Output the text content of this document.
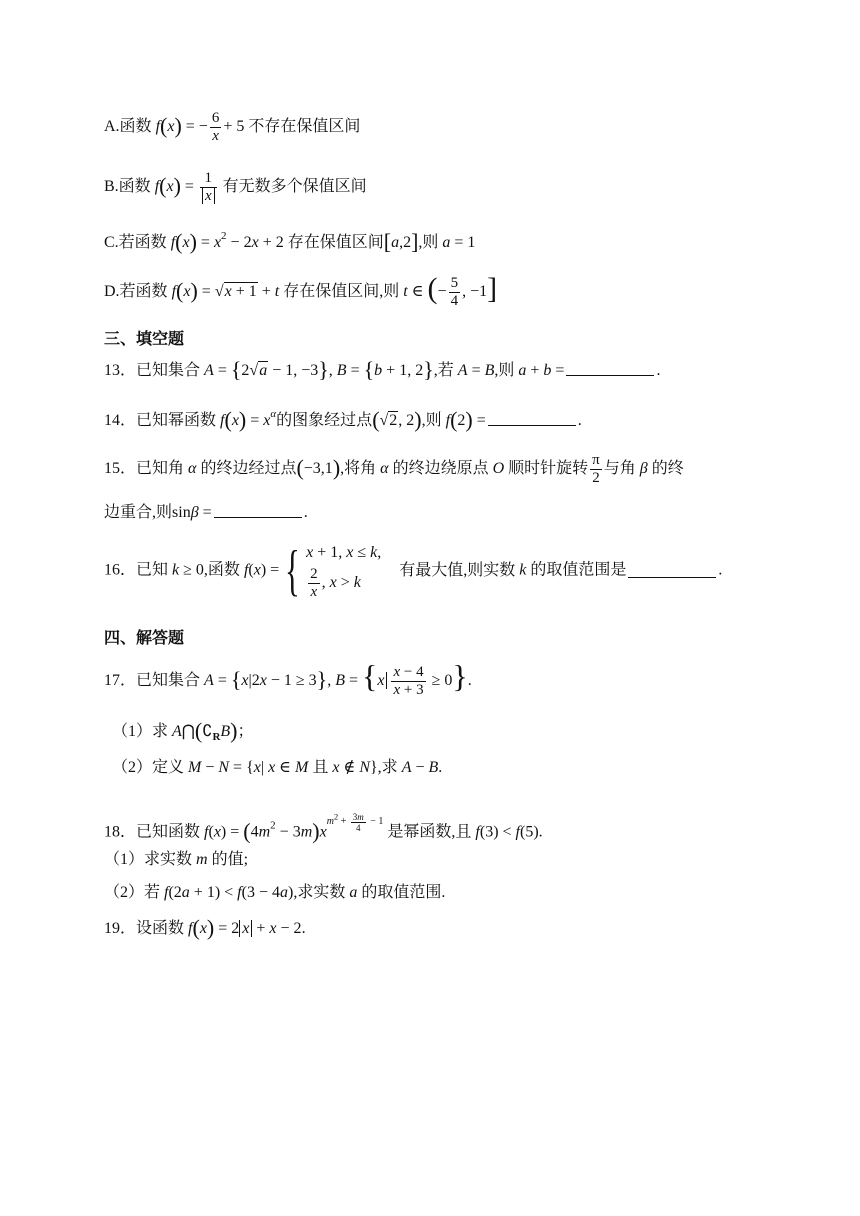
A.函数 f(x) = − $\frac{6}{x} + 5$ 不存在保值区间
B.函数 $f(x) = \frac{1}{x}$ 有无数多个保值区间
C.若函数 $f(x) = x^2 - 2x + 2$ 存在保值区间[a,2],则 a = 1
D.若函数 f(x) = √x + 1 + t 存在保值区间,则 t ∈ (− $\frac{5}{4}$ , −1]
三、填空题
13．已知集合 A = {2√a − 1, −3}, B = {b + 1, 2},若 A = B,则 a + b =	.
14．已知幂函数 $f(x) = x^\alpha$的图象经过点(√2, 2),则 f(2) =	.
15．已知角 α 的终边经过点(−3,1),将角 α 的终边绕原点 O 顺时针旋转 $\frac{\pi}{2}$ 与角 β 的终
边重合,则sinβ =	.
16．已知 k ≥ 0,函数 f(x) = { x + 1, x ≤ k,
$\frac{2}{x}$ , x > k
有最大值,则实数 k 的取值范围是	.
四、解答题
17．已知集合 A = {x|2x − 1 ≥ 3}, $B = \{x \frac{x - 4}{x + 3} \ge 0\}$.
（1）求 $A⋂(∁_RB)$；
（2）定义 M − N = {x| x ∈ M 且 x ∉ N},求 A − B.
18．已知函数 $f(x) = (4m^2 - 3m)x^{m^2 + \frac{3m}{4} - 1}$ 是幂函数,且 f(3) < f(5).
（1）求实数 m 的值;
（2）若 f(2a + 1) < f(3 − 4a),求实数 a 的取值范围.
19．设函数 f(x) = 2 x + x − 2.
